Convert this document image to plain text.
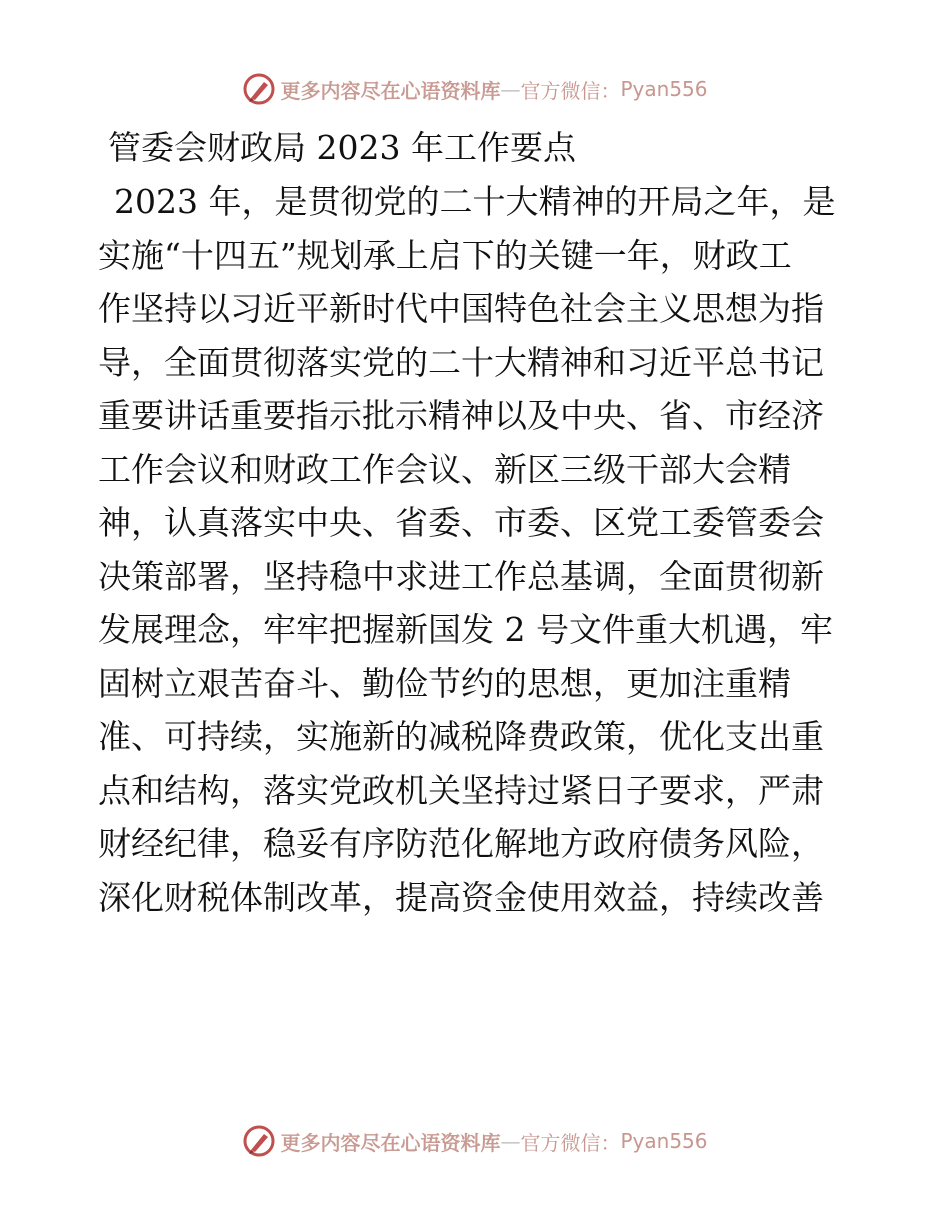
更多内容尽在心语资料库 — 官方微信： Pyan556
管委会财政局 2023 年工作要点
2023 年，是贯彻党的二十大精神的开局之年，是
实施“十四五”规划承上启下的关键一年，财政工
作坚持以习近平新时代中国特色社会主义思想为指
导，全面贯彻落实党的二十大精神和习近平总书记
重要讲话重要指示批示精神以及中央、省、市经济
工作会议和财政工作会议、新区三级干部大会精
神，认真落实中央、省委、市委、区党工委管委会
决策部署，坚持稳中求进工作总基调，全面贯彻新
发展理念，牢牢把握新国发 2 号文件重大机遇，牢
固树立艰苦奋斗、勤俭节约的思想，更加注重精
准、可持续，实施新的减税降费政策，优化支出重
点和结构，落实党政机关坚持过紧日子要求，严肃
财经纪律，稳妥有序防范化解地方政府债务风险，
深化财税体制改革，提高资金使用效益，持续改善
更多内容尽在心语资料库 — 官方微信： Pyan556
